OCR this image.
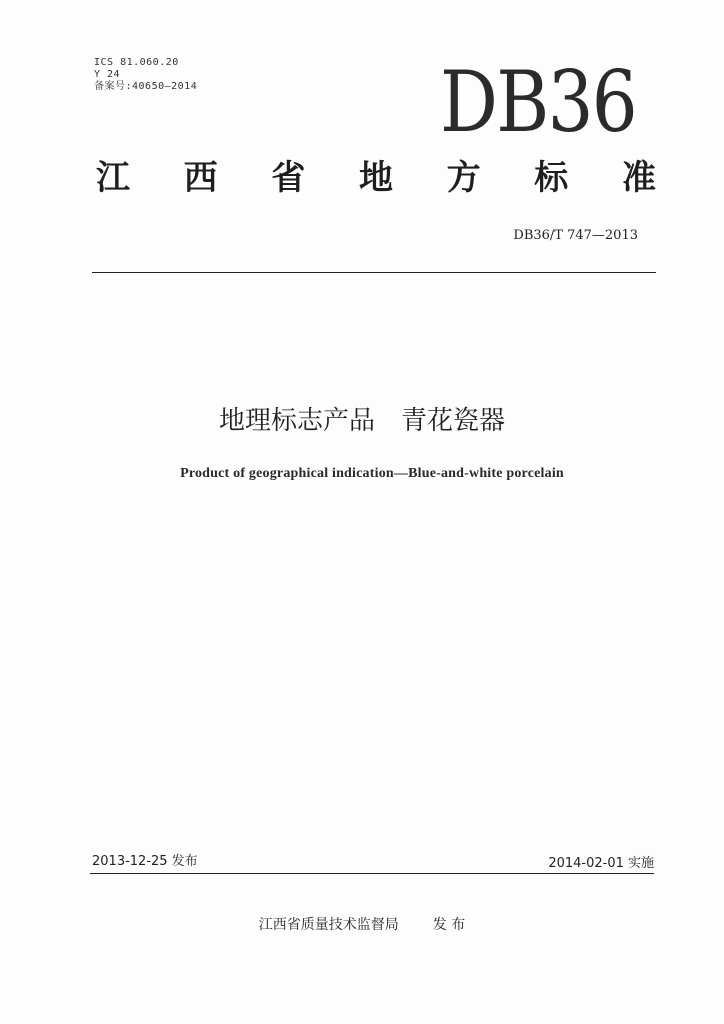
ICS 81.060.20
Y 24
备案号:40650—2014	DB36
江 西 省 地 方 标 准
DB36/T 747—2013
地理标志产品　青花瓷器
Product of geographical indication—Blue-and-white porcelain
2013-12-25 发布	2014-02-01 实施
江西省质量技术监督局 发 布
